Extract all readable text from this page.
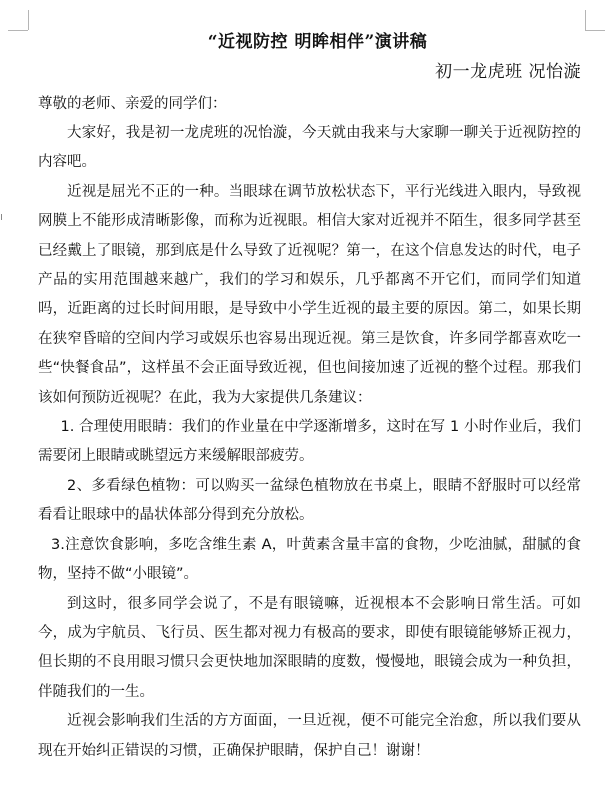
“近视防控 明眸相伴”演讲稿

初一龙虎班 况怡漩

尊敬的老师、亲爱的同学们：

大家好，我是初一龙虎班的况怡漩，今天就由我来与大家聊一聊关于近视防控的内容吧。

近视是屈光不正的一种。当眼球在调节放松状态下，平行光线进入眼内，导致视网膜上不能形成清晰影像，而称为近视眼。相信大家对近视并不陌生，很多同学甚至已经戴上了眼镜，那到底是什么导致了近视呢？第一，在这个信息发达的时代，电子产品的实用范围越来越广，我们的学习和娱乐，几乎都离不开它们，而同学们知道吗，近距离的过长时间用眼，是导致中小学生近视的最主要的原因。第二，如果长期在狭窄昏暗的空间内学习或娱乐也容易出现近视。第三是饮食，许多同学都喜欢吃一些“快餐食品”，这样虽不会正面导致近视，但也间接加速了近视的整个过程。那我们该如何预防近视呢？在此，我为大家提供几条建议：

1. 合理使用眼睛：我们的作业量在中学逐渐增多，这时在写 1 小时作业后，我们需要闭上眼睛或眺望远方来缓解眼部疲劳。

2、多看绿色植物：可以购买一盆绿色植物放在书桌上，眼睛不舒服时可以经常看看让眼球中的晶状体部分得到充分放松。

3.注意饮食影响，多吃含维生素 A，叶黄素含量丰富的食物，少吃油腻，甜腻的食物，坚持不做“小眼镜”。

到这时，很多同学会说了，不是有眼镜嘛，近视根本不会影响日常生活。可如今，成为宇航员、飞行员、医生都对视力有极高的要求，即使有眼镜能够矫正视力，但长期的不良用眼习惯只会更快地加深眼睛的度数，慢慢地，眼镜会成为一种负担，伴随我们的一生。

近视会影响我们生活的方方面面，一旦近视，便不可能完全治愈，所以我们要从现在开始纠正错误的习惯，正确保护眼睛，保护自己！谢谢！
